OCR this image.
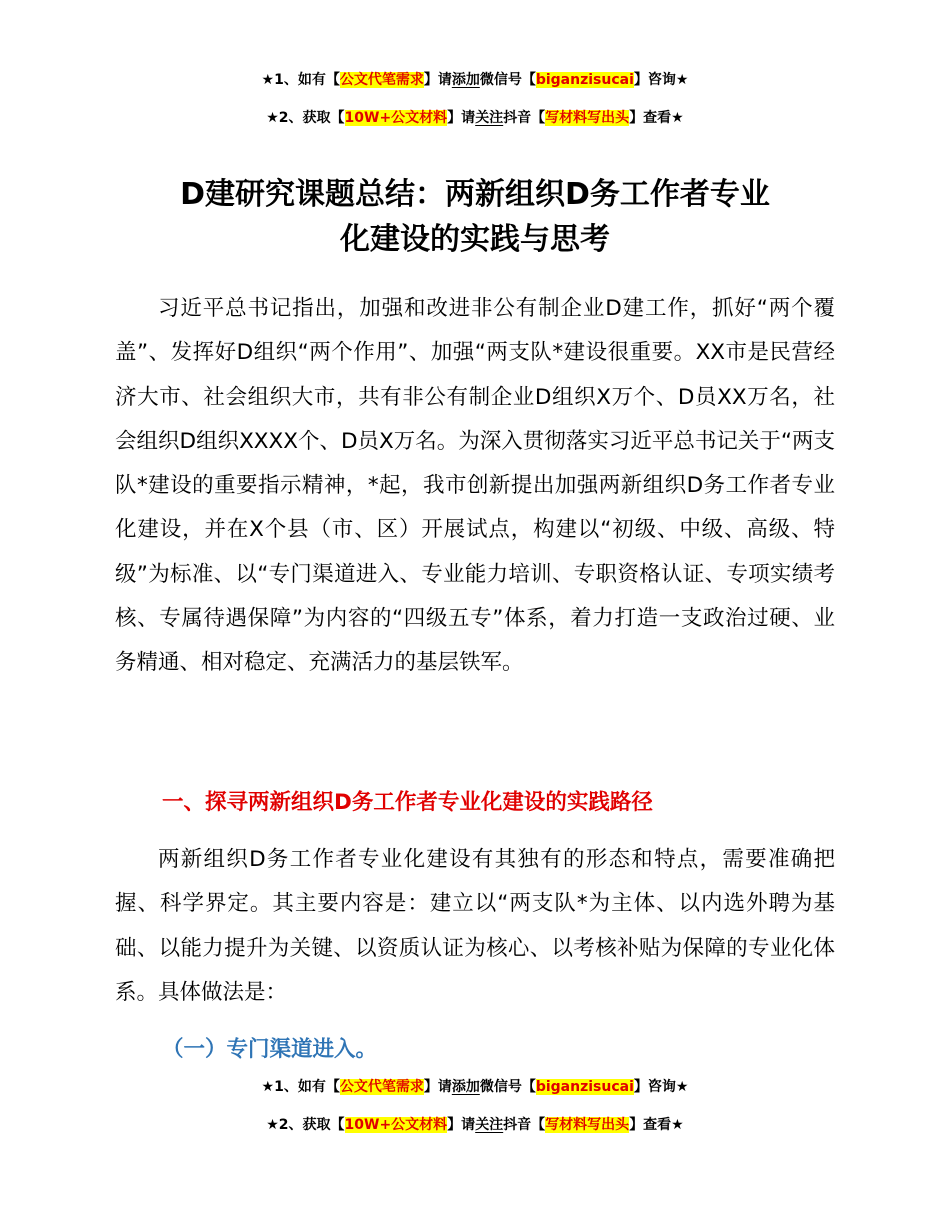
★1、如有【公文代笔需求】请添加微信号【biganzisucai】咨询★
★2、获取【10W+公文材料】请关注抖音【写材料写出头】查看★
D建研究课题总结：两新组织D务工作者专业
化建设的实践与思考

习近平总书记指出，加强和改进非公有制企业D建工作，抓好“两个覆盖”、发挥好D组织“两个作用”、加强“两支队*建设很重要。XX市是民营经济大市、社会组织大市，共有非公有制企业D组织X万个、D员XX万名，社会组织D组织XXXX个、D员X万名。为深入贯彻落实习近平总书记关于“两支队*建设的重要指示精神，*起，我市创新提出加强两新组织D务工作者专业化建设，并在X个县（市、区）开展试点，构建以“初级、中级、高级、特级”为标准、以“专门渠道进入、专业能力培训、专职资格认证、专项实绩考核、专属待遇保障”为内容的“四级五专”体系，着力打造一支政治过硬、业务精通、相对稳定、充满活力的基层铁军。

一、探寻两新组织D务工作者专业化建设的实践路径

两新组织D务工作者专业化建设有其独有的形态和特点，需要准确把握、科学界定。其主要内容是：建立以“两支队*为主体、以内选外聘为基础、以能力提升为关键、以资质认证为核心、以考核补贴为保障的专业化体系。具体做法是：

（一）专门渠道进入。
★1、如有【公文代笔需求】请添加微信号【biganzisucai】咨询★
★2、获取【10W+公文材料】请关注抖音【写材料写出头】查看★
